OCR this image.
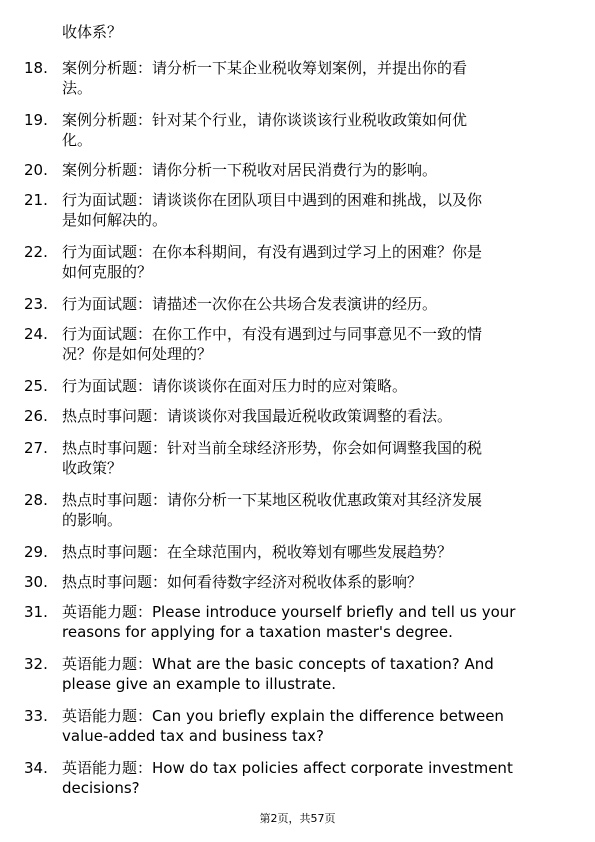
收体系？
18. 案例分析题：请分析一下某企业税收筹划案例，并提出你的看
法。
19. 案例分析题：针对某个行业，请你谈谈该行业税收政策如何优
化。
20. 案例分析题：请你分析一下税收对居民消费行为的影响。
21. 行为面试题：请谈谈你在团队项目中遇到的困难和挑战，以及你
是如何解决的。
22. 行为面试题：在你本科期间，有没有遇到过学习上的困难？你是
如何克服的？
23. 行为面试题：请描述一次你在公共场合发表演讲的经历。
24. 行为面试题：在你工作中，有没有遇到过与同事意见不一致的情
况？你是如何处理的？
25. 行为面试题：请你谈谈你在面对压力时的应对策略。
26. 热点时事问题：请谈谈你对我国最近税收政策调整的看法。
27. 热点时事问题：针对当前全球经济形势，你会如何调整我国的税
收政策？
28. 热点时事问题：请你分析一下某地区税收优惠政策对其经济发展
的影响。
29. 热点时事问题：在全球范围内，税收筹划有哪些发展趋势？
30. 热点时事问题：如何看待数字经济对税收体系的影响？
31. 英语能力题：Please introduce yourself briefly and tell us your
reasons for applying for a taxation master's degree.
32. 英语能力题：What are the basic concepts of taxation? And
please give an example to illustrate.
33. 英语能力题：Can you briefly explain the difference between
value-added tax and business tax?
34. 英语能力题：How do tax policies affect corporate investment
decisions?
第2页，共57页
